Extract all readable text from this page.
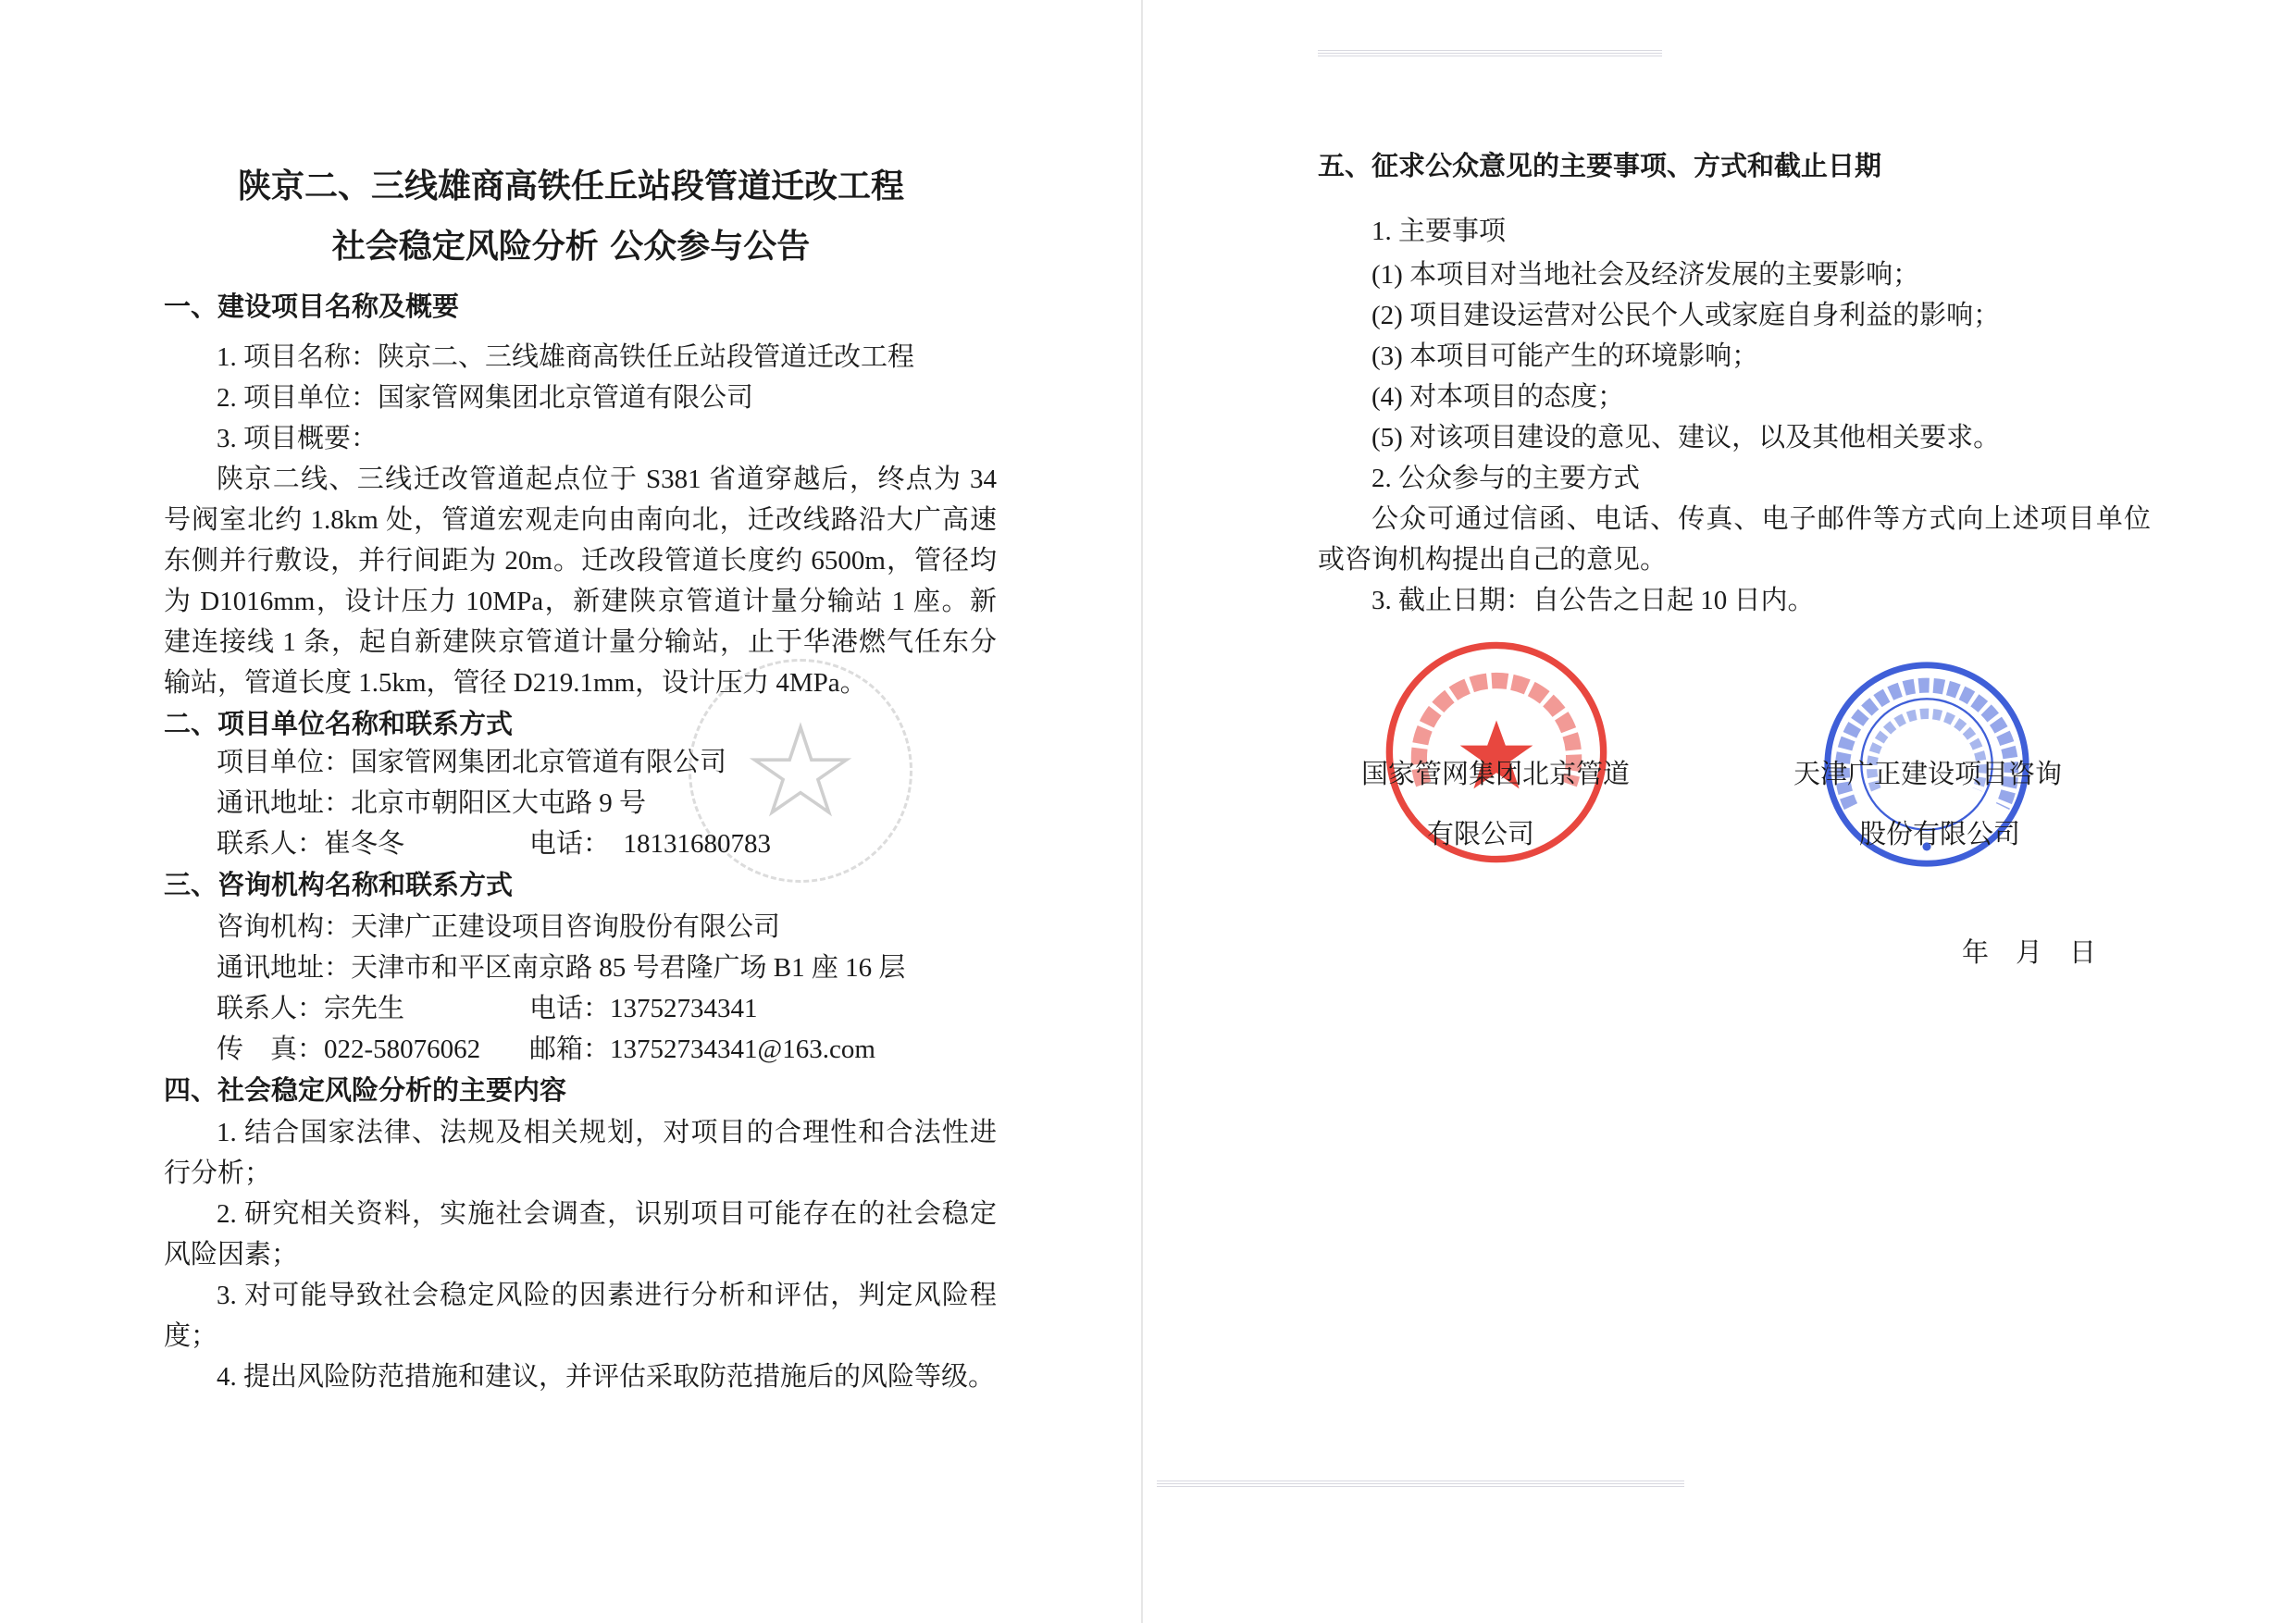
陕京二、三线雄商高铁任丘站段管道迁改工程
社会稳定风险分析 公众参与公告
一、建设项目名称及概要
1. 项目名称：陕京二、三线雄商高铁任丘站段管道迁改工程
2. 项目单位：国家管网集团北京管道有限公司
3. 项目概要：
陕京二线、三线迁改管道起点位于 S381 省道穿越后，终点为 34
号阀室北约 1.8km 处，管道宏观走向由南向北，迁改线路沿大广高速
东侧并行敷设，并行间距为 20m。迁改段管道长度约 6500m，管径均
为 D1016mm，设计压力 10MPa，新建陕京管道计量分输站 1 座。新
建连接线 1 条，起自新建陕京管道计量分输站，止于华港燃气任东分
输站，管道长度 1.5km，管径 D219.1mm，设计压力 4MPa。
二、项目单位名称和联系方式
项目单位：国家管网集团北京管道有限公司
通讯地址：北京市朝阳区大屯路 9 号
联系人：崔冬冬	电话：  18131680783
三、咨询机构名称和联系方式
咨询机构：天津广正建设项目咨询股份有限公司
通讯地址：天津市和平区南京路 85 号君隆广场 B1 座 16 层
联系人：宗先生	电话：13752734341
传    真：022-58076062	邮箱：13752734341@163.com
四、社会稳定风险分析的主要内容
1. 结合国家法律、法规及相关规划，对项目的合理性和合法性进
行分析；
2. 研究相关资料，实施社会调查，识别项目可能存在的社会稳定
风险因素；
3. 对可能导致社会稳定风险的因素进行分析和评估，判定风险程
度；
4. 提出风险防范措施和建议，并评估采取防范措施后的风险等级。
五、征求公众意见的主要事项、方式和截止日期
1. 主要事项
(1) 本项目对当地社会及经济发展的主要影响；
(2) 项目建设运营对公民个人或家庭自身利益的影响；
(3) 本项目可能产生的环境影响；
(4) 对本项目的态度；
(5) 对该项目建设的意见、建议，以及其他相关要求。
2. 公众参与的主要方式
公众可通过信函、电话、传真、电子邮件等方式向上述项目单位
或咨询机构提出自己的意见。
3. 截止日期：自公告之日起 10 日内。
国家管网集团北京管道
有限公司
天津广正建设项目咨询
股份有限公司
年    月    日
